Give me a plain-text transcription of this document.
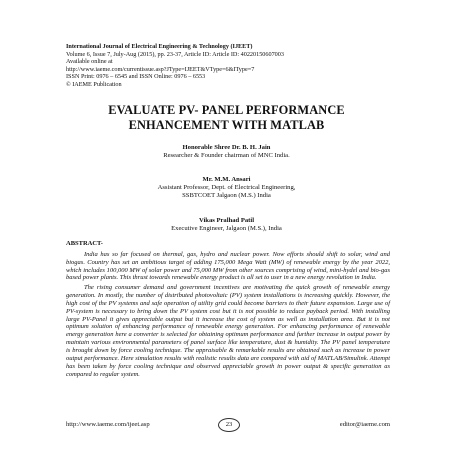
International Journal of Electrical Engineering & Technology (IJEET)
Volume 6, Issue 7, July-Aug (2015), pp. 23-37, Article ID: Article ID: 40220150607003
Available online at
http://www.iaeme.com/currentissue.asp?JType=IJEET&VType=6&IType=7
ISSN Print: 0976 – 6545 and ISSN Online: 0976 – 6553
© IAEME Publication
EVALUATE PV- PANEL PERFORMANCE
ENHANCEMENT WITH MATLAB
Honorable Shree Dr. B. H. Jain
Researcher & Founder chairman of MNC India.
Mr. M.M. Ansari
Assistant Professor, Dept. of Electrical Engineering,
SSBTCOET Jalgaon (M.S.) India
Vikas Pralhad Patil
Executive Engineer, Jalgaon (M.S.), India
ABSTRACT-

India has so far focused on thermal, gas, hydro and nuclear power. Now efforts should shift to solar, wind and biogas. Country has set an ambitious target of adding 175,000 Mega Watt (MW) of renewable energy by the year 2022, which includes 100,000 MW of solar power and 75,000 MW from other sources comprising of wind, mini-hydel and bio-gas based power plants. This thrust towards renewable energy product is all set to user in a new energy revolution in India.

The rising consumer demand and government incentives are motivating the quick growth of renewable energy generation. In mostly, the number of distributed photovoltaic (PV) system installations is increasing quickly. However, the high cost of the PV systems and safe operation of utility grid could become barriers to their future expansion. Large use of PV-system is necessary to bring down the PV system cost but it is not possible to reduce payback period. With installing large PV-Panel it gives appreciable output but it increase the cost of system as well as installation area. But it is not optimum solution of enhancing performance of renewable energy generation. For enhancing performance of renewable energy generation here a converter is selected for obtaining optimum performance and further increase in output power by maintain various environmental parameters of panel surface like temperature, dust & humidity. The PV panel temperature is brought down by force cooling technique. The appraisable & remarkable results are obtained such as increase in power output performance. Here simulation results with realistic results data are compared with aid of MATLAB/Simulink. Attempt has been taken by force cooling technique and observed appreciable growth in power output & specific generation as compared to regular system.

http://www.iaeme.com/ijeet.asp	23	editor@iaeme.com
